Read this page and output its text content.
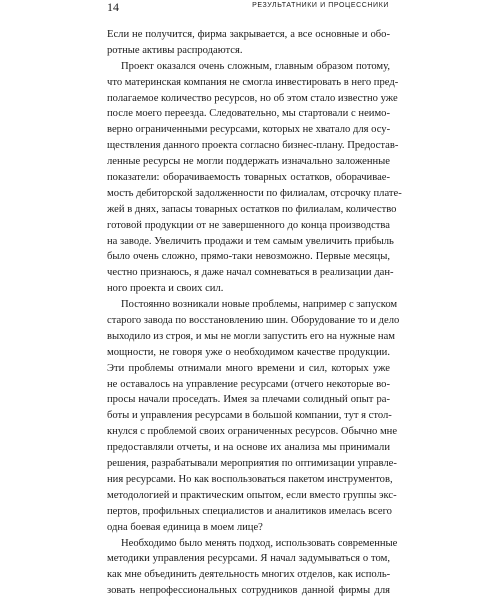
14	РЕЗУЛЬТАТНИКИ И ПРОЦЕССНИКИ

Если не получится, фирма закрывается, а все основные и обо-
ротные активы распродаются.

Проект оказался очень сложным, главным образом потому,
что материнская компания не смогла инвестировать в него пред-
полагаемое количество ресурсов, но об этом стало известно уже
после моего переезда. Следовательно, мы стартовали с неимо-
верно ограниченными ресурсами, которых не хватало для осу-
ществления данного проекта согласно бизнес-плану. Предостав-
ленные ресурсы не могли поддержать изначально заложенные
показатели: оборачиваемость товарных остатков, оборачивае-
мость дебиторской задолженности по филиалам, отсрочку плате-
жей в днях, запасы товарных остатков по филиалам, количество
готовой продукции от не завершенного до конца производства
на заводе. Увеличить продажи и тем самым увеличить прибыль
было очень сложно, прямо-таки невозможно. Первые месяцы,
честно признаюсь, я даже начал сомневаться в реализации дан-
ного проекта и своих сил.

Постоянно возникали новые проблемы, например с запуском
старого завода по восстановлению шин. Оборудование то и дело
выходило из строя, и мы не могли запустить его на нужные нам
мощности, не говоря уже о необходимом качестве продукции.
Эти проблемы отнимали много времени и сил, которых уже
не оставалось на управление ресурсами (отчего некоторые во-
просы начали проседать. Имея за плечами солидный опыт ра-
боты и управления ресурсами в большой компании, тут я стол-
кнулся с проблемой своих ограниченных ресурсов. Обычно мне
предоставляли отчеты, и на основе их анализа мы принимали
решения, разрабатывали мероприятия по оптимизации управле-
ния ресурсами. Но как воспользоваться пакетом инструментов,
методологией и практическим опытом, если вместо группы экс-
пертов, профильных специалистов и аналитиков имелась всего
одна боевая единица в моем лице?

Необходимо было менять подход, использовать современные
методики управления ресурсами. Я начал задумываться о том,
как мне объединить деятельность многих отделов, как исполь-
зовать непрофессиональных сотрудников данной фирмы для
